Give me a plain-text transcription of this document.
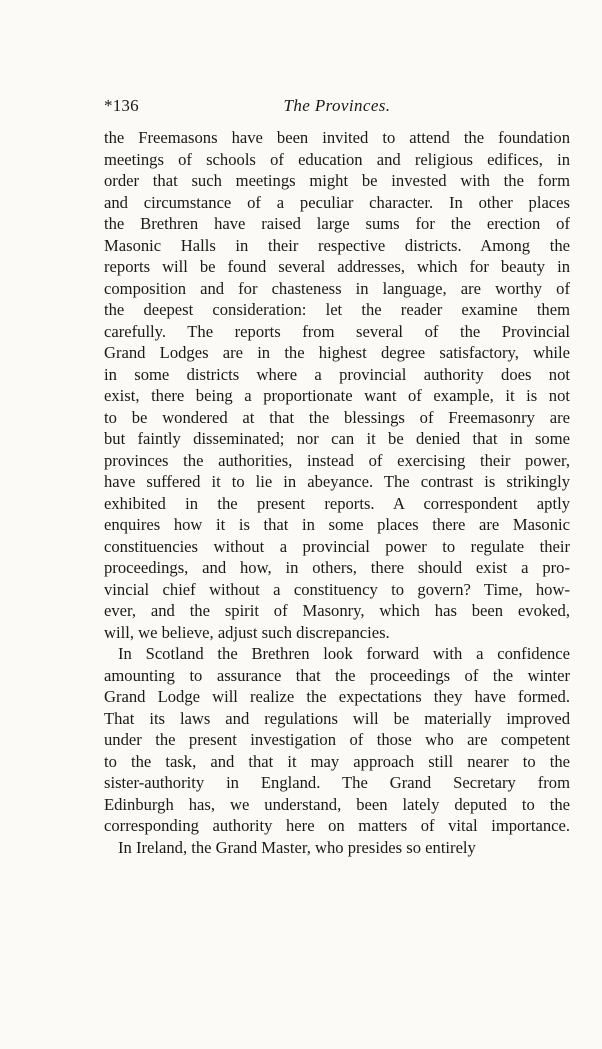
*136	The Provinces.
the Freemasons have been invited to attend the foundation
meetings of schools of education and religious edifices, in
order that such meetings might be invested with the form
and circumstance of a peculiar character. In other places
the Brethren have raised large sums for the erection of
Masonic Halls in their respective districts. Among the
reports will be found several addresses, which for beauty in
composition and for chasteness in language, are worthy of
the deepest consideration: let the reader examine them
carefully. The reports from several of the Provincial
Grand Lodges are in the highest degree satisfactory, while
in some districts where a provincial authority does not
exist, there being a proportionate want of example, it is not
to be wondered at that the blessings of Freemasonry are
but faintly disseminated; nor can it be denied that in some
provinces the authorities, instead of exercising their power,
have suffered it to lie in abeyance. The contrast is strikingly
exhibited in the present reports. A correspondent aptly
enquires how it is that in some places there are Masonic
constituencies without a provincial power to regulate their
proceedings, and how, in others, there should exist a pro-
vincial chief without a constituency to govern? Time, how-
ever, and the spirit of Masonry, which has been evoked,
will, we believe, adjust such discrepancies.
In Scotland the Brethren look forward with a confidence
amounting to assurance that the proceedings of the winter
Grand Lodge will realize the expectations they have formed.
That its laws and regulations will be materially improved
under the present investigation of those who are competent
to the task, and that it may approach still nearer to the
sister-authority in England. The Grand Secretary from
Edinburgh has, we understand, been lately deputed to the
corresponding authority here on matters of vital importance.
In Ireland, the Grand Master, who presides so entirely
